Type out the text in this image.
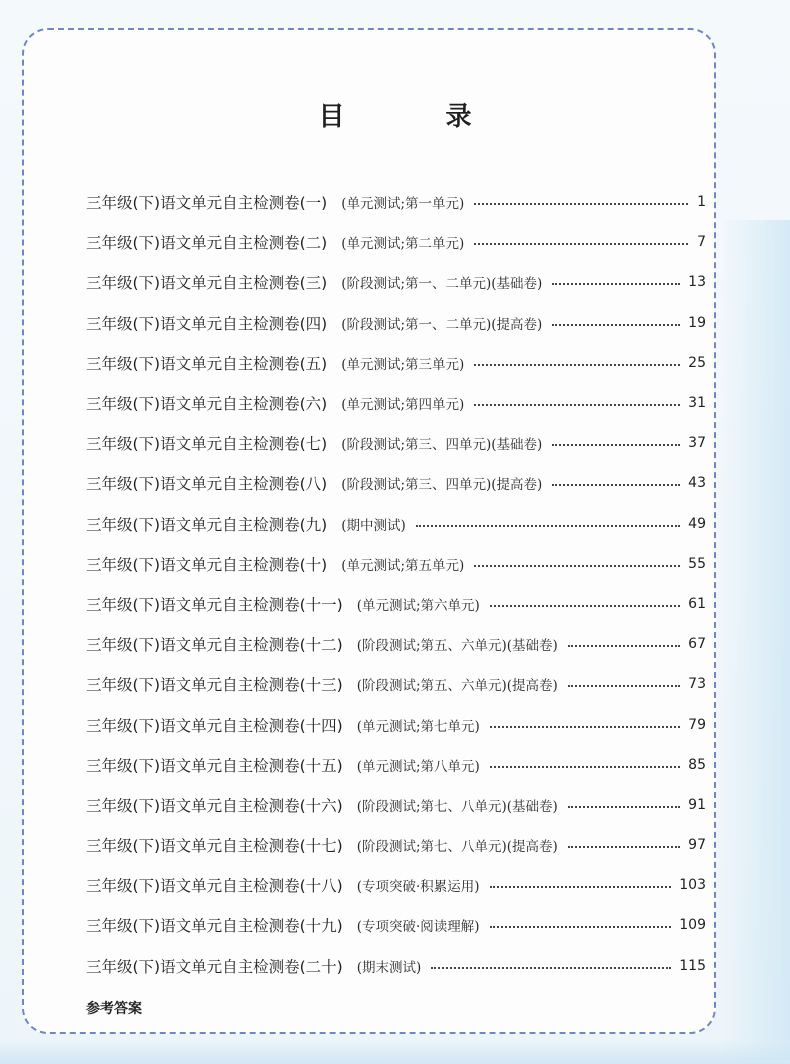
目 录
三年级(下)语文单元自主检测卷(一) (单元测试;第一单元)	1
三年级(下)语文单元自主检测卷(二) (单元测试;第二单元)	7
三年级(下)语文单元自主检测卷(三) (阶段测试;第一、二单元)(基础卷)	13
三年级(下)语文单元自主检测卷(四) (阶段测试;第一、二单元)(提高卷)	19
三年级(下)语文单元自主检测卷(五) (单元测试;第三单元)	25
三年级(下)语文单元自主检测卷(六) (单元测试;第四单元)	31
三年级(下)语文单元自主检测卷(七) (阶段测试;第三、四单元)(基础卷)	37
三年级(下)语文单元自主检测卷(八) (阶段测试;第三、四单元)(提高卷)	43
三年级(下)语文单元自主检测卷(九) (期中测试)	49
三年级(下)语文单元自主检测卷(十) (单元测试;第五单元)	55
三年级(下)语文单元自主检测卷(十一) (单元测试;第六单元)	61
三年级(下)语文单元自主检测卷(十二) (阶段测试;第五、六单元)(基础卷)	67
三年级(下)语文单元自主检测卷(十三) (阶段测试;第五、六单元)(提高卷)	73
三年级(下)语文单元自主检测卷(十四) (单元测试;第七单元)	79
三年级(下)语文单元自主检测卷(十五) (单元测试;第八单元)	85
三年级(下)语文单元自主检测卷(十六) (阶段测试;第七、八单元)(基础卷)	91
三年级(下)语文单元自主检测卷(十七) (阶段测试;第七、八单元)(提高卷)	97
三年级(下)语文单元自主检测卷(十八) (专项突破·积累运用)	103
三年级(下)语文单元自主检测卷(十九) (专项突破·阅读理解)	109
三年级(下)语文单元自主检测卷(二十) (期末测试)	115
参考答案
